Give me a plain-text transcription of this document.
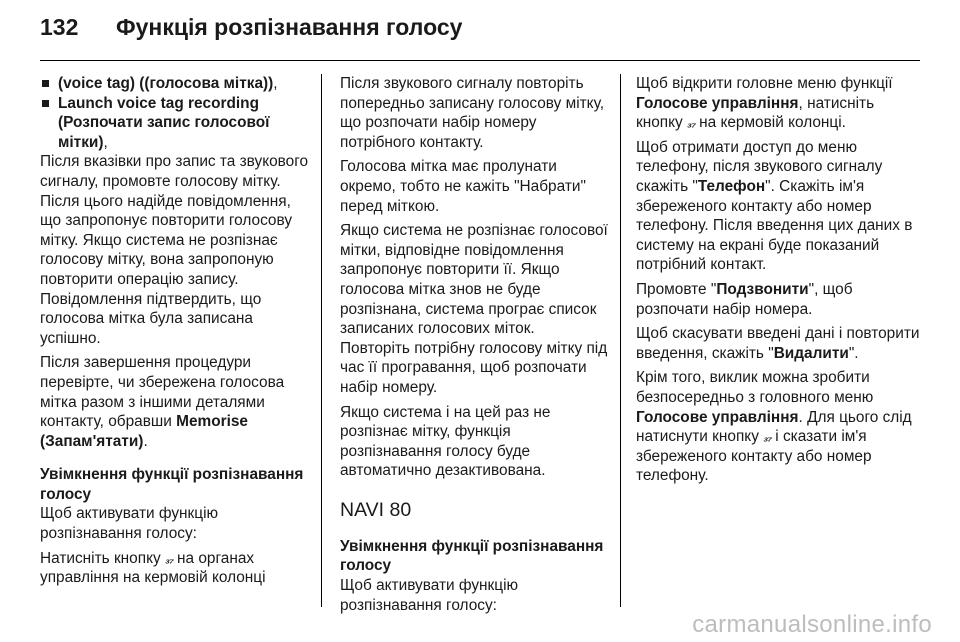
132	Функція розпізнавання голосу
(voice tag) ((голосова мітка)),
Launch voice tag recording (Розпочати запис голосової мітки),

Після вказівки про запис та звукового сигналу, промовте голосову мітку. Після цього надійде повідомлення, що запропонує повторити голосову мітку. Якщо система не розпізнає голосову мітку, вона запропоную повторити операцію запису. Повідомлення підтвердить, що голосова мітка була записана успішно.

Після завершення процедури перевірте, чи збережена голосова мітка разом з іншими деталями контакту, обравши Memorise (Запам'ятати).

Увімкнення функції розпізнавання голосу

Щоб активувати функцію розпізнавання голосу:

Натисніть кнопку ₃₇ на органах управління на кермовій колонці

Після звукового сигналу повторіть попередньо записану голосову мітку, що розпочати набір номеру потрібного контакту.

Голосова мітка має пролунати окремо, тобто не кажіть "Набрати" перед міткою.

Якщо система не розпізнає голосової мітки, відповідне повідомлення запропонує повторити її. Якщо голосова мітка знов не буде розпізнана, система програє список записаних голосових міток. Повторіть потрібну голосову мітку під час її програвання, щоб розпочати набір номеру.

Якщо система і на цей раз не розпізнає мітку, функція розпізнавання голосу буде автоматично дезактивована.

NAVI 80

Увімкнення функції розпізнавання голосу

Щоб активувати функцію розпізнавання голосу:

Щоб відкрити головне меню функції Голосове управління, натисніть кнопку ₃₇ на кермовій колонці.

Щоб отримати доступ до меню телефону, після звукового сигналу скажіть "Телефон". Скажіть ім'я збереженого контакту або номер телефону. Після введення цих даних в систему на екрані буде показаний потрібний контакт.

Промовте "Подзвонити", щоб розпочати набір номера.

Щоб скасувати введені дані і повторити введення, скажіть "Видалити".

Крім того, виклик можна зробити безпосередньо з головного меню Голосове управління. Для цього слід натиснути кнопку ₃₇ і сказати ім'я збереженого контакту або номер телефону.

carmanualsonline.info
